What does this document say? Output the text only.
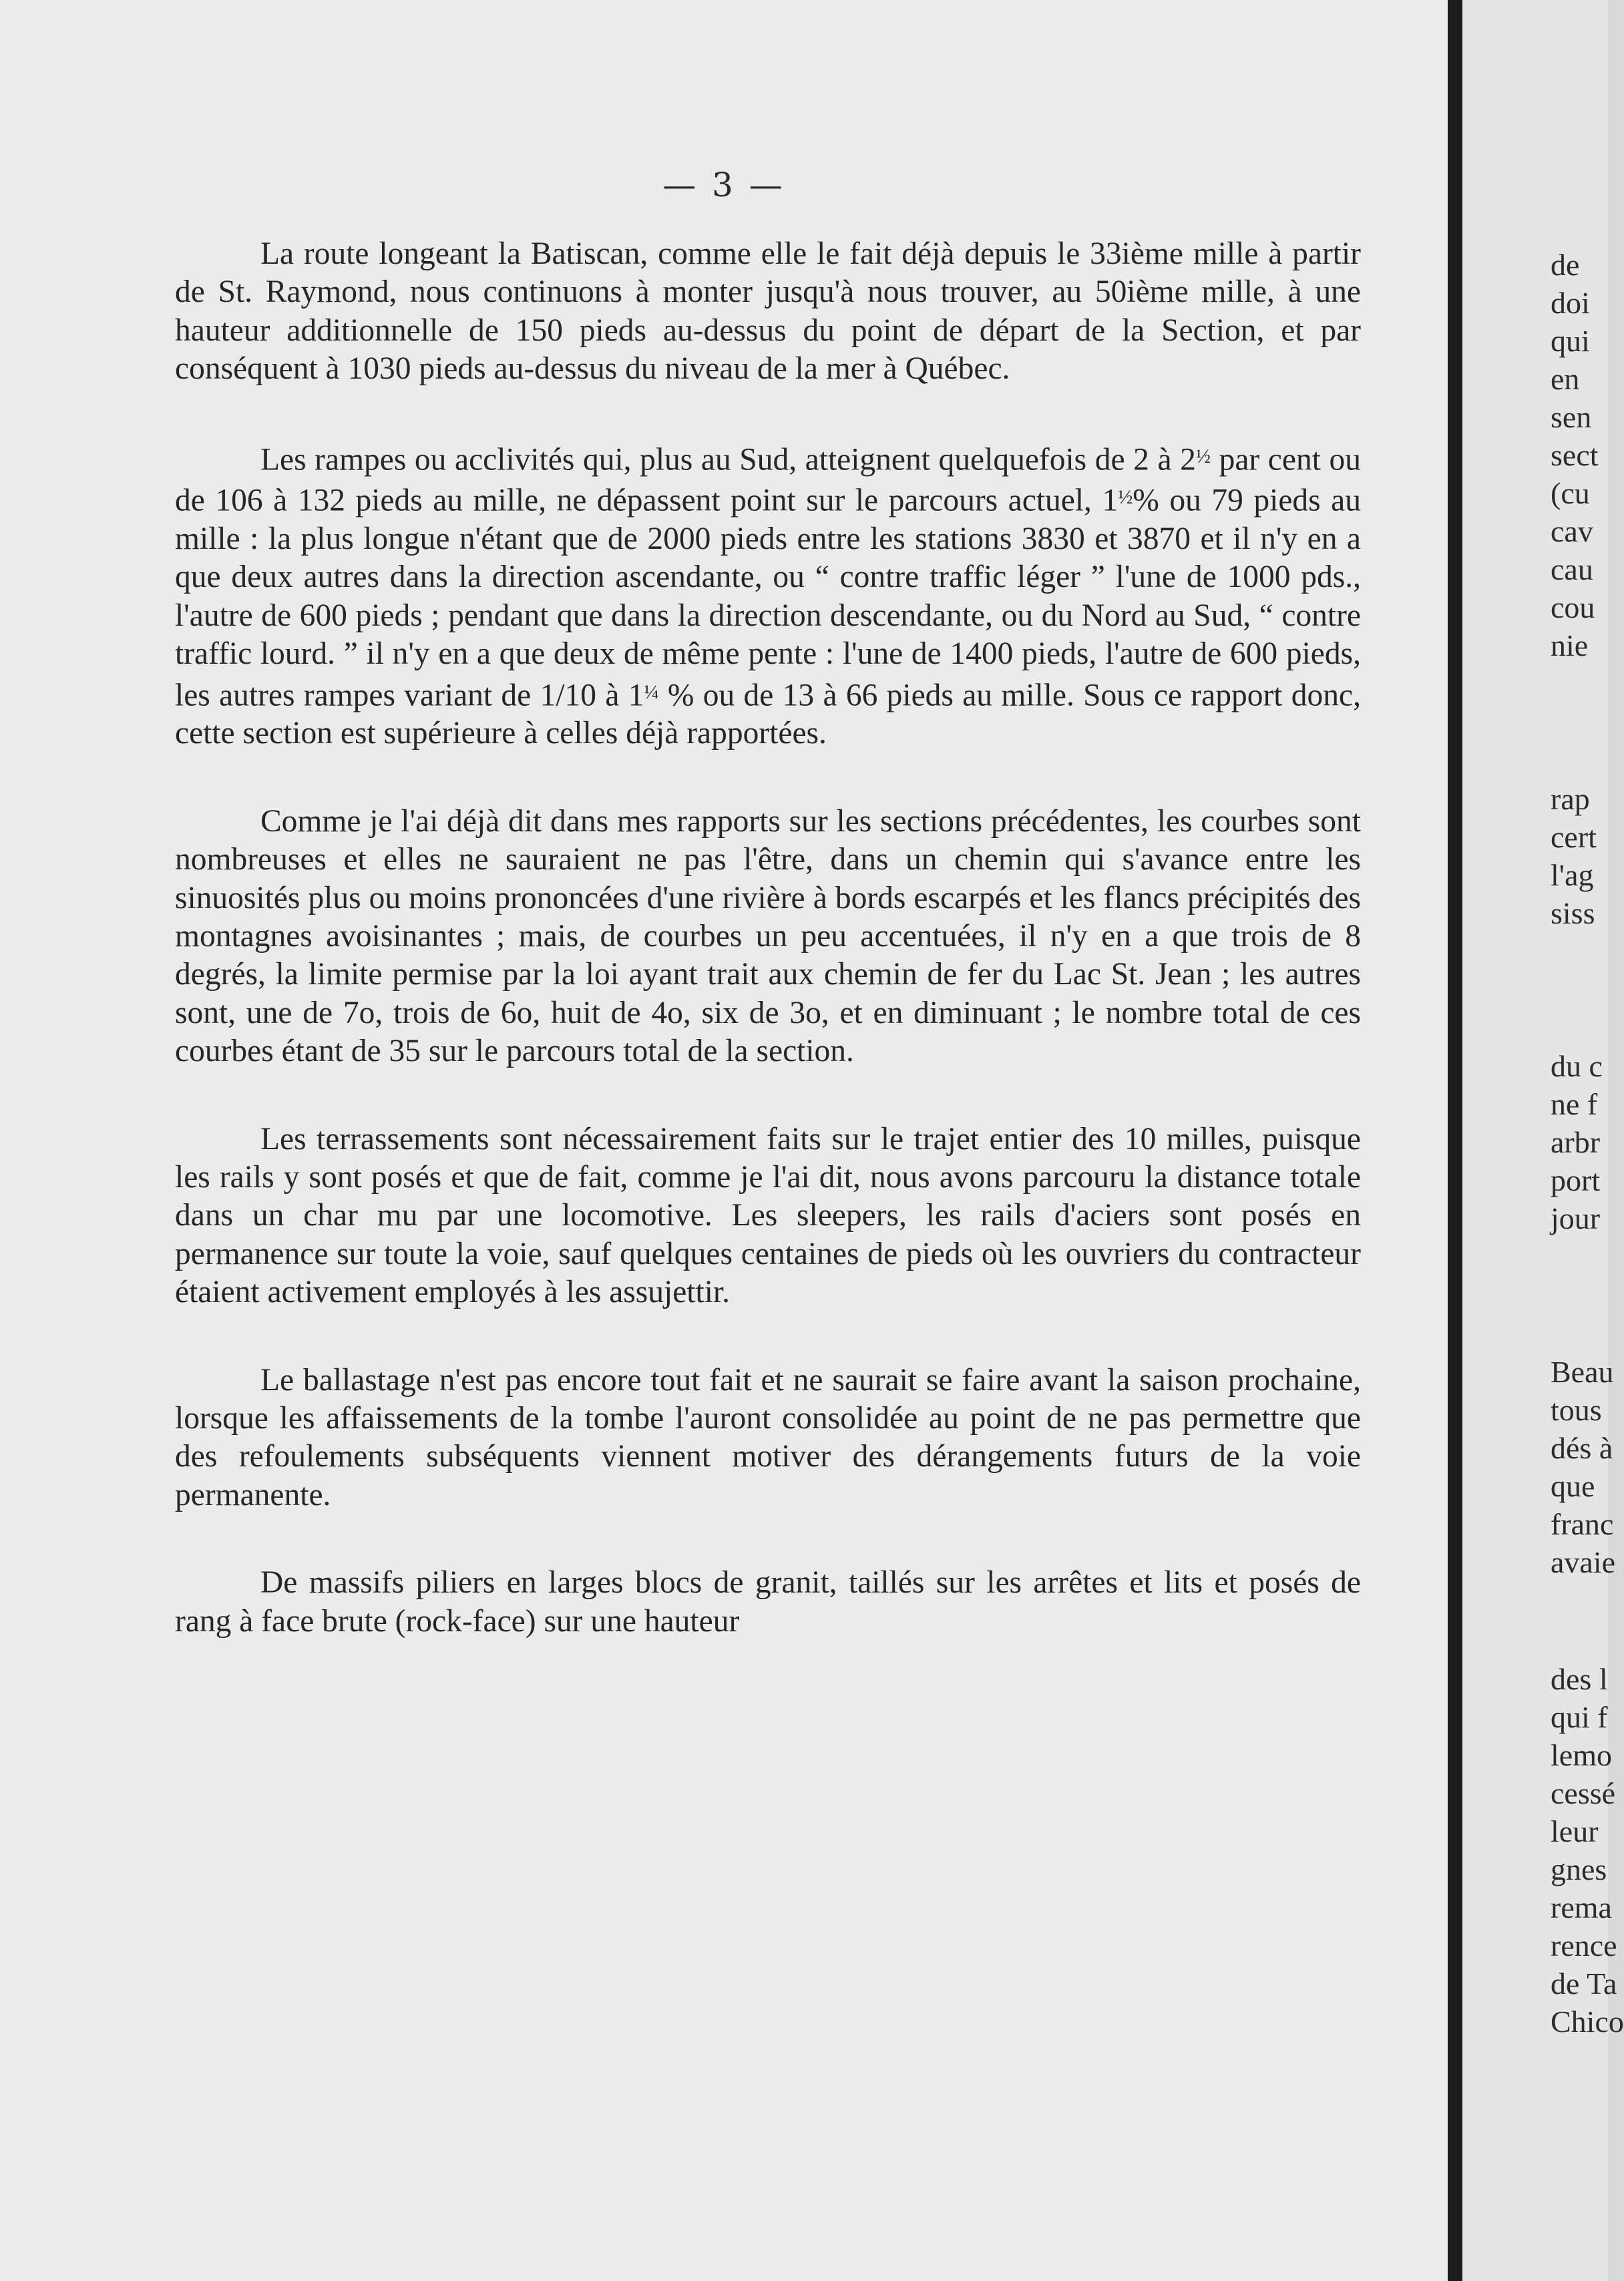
— 3 —

La route longeant la Batiscan, comme elle le fait déjà depuis le 33ième mille à partir de St. Raymond, nous continuons à monter jusqu'à nous trouver, au 50ième mille, à une hauteur additionnelle de 150 pieds au-dessus du point de départ de la Section, et par conséquent à 1030 pieds au-dessus du niveau de la mer à Québec.

Les rampes ou acclivités qui, plus au Sud, atteignent quelquefois de 2 à $2^{\frac{1}{2}}$ par cent ou de 106 à 132 pieds au mille, ne dépassent point sur le parcours actuel, $1^{\frac{1}{2}}\%$ ou 79 pieds au mille : la plus longue n'étant que de 2000 pieds entre les stations 3830 et 3870 et il n'y en a que deux autres dans la direction ascendante, ou “ contre traffic léger ” l'une de 1000 pds., l'autre de 600 pieds ; pendant que dans la direction descendante, ou du Nord au Sud, “ contre traffic lourd. ” il n'y en a que deux de même pente : l'une de 1400 pieds, l'autre de 600 pieds, les autres rampes variant de 1/10 à $1^{\frac{1}{4}}$ % ou de 13 à 66 pieds au mille. Sous ce rapport donc, cette section est supérieure à celles déjà rapportées.

Comme je l'ai déjà dit dans mes rapports sur les sections précédentes, les courbes sont nombreuses et elles ne sauraient ne pas l'être, dans un chemin qui s'avance entre les sinuosités plus ou moins prononcées d'une rivière à bords escarpés et les flancs précipités des montagnes avoisinantes ; mais, de courbes un peu accentuées, il n'y en a que trois de 8 degrés, la limite permise par la loi ayant trait aux chemin de fer du Lac St. Jean ; les autres sont, une de 7o, trois de 6o, huit de 4o, six de 3o, et en diminuant ; le nombre total de ces courbes étant de 35 sur le parcours total de la section.

Les terrassements sont nécessairement faits sur le trajet entier des 10 milles, puisque les rails y sont posés et que de fait, comme je l'ai dit, nous avons parcouru la distance totale dans un char mu par une locomotive. Les sleepers, les rails d'aciers sont posés en permanence sur toute la voie, sauf quelques centaines de pieds où les ouvriers du contracteur étaient activement employés à les assujettir.

Le ballastage n'est pas encore tout fait et ne saurait se faire avant la saison prochaine, lorsque les affaissements de la tombe l'auront consolidée au point de ne pas permettre que des refoulements subséquents viennent motiver des dérangements futurs de la voie permanente.

De massifs piliers en larges blocs de granit, taillés sur les arrêtes et lits et posés de rang à face brute (rock-face) sur une hauteur

de
doi
qui
en
sen
sect
(cu
cav
cau
cou
nie
rap
cert
l'ag
siss
du c
ne f
arbr
port
jour
Beau
tous
dés à
que
franc
avaie
des l
qui f
lemo
cessé
leur
gnes
rema
rence
de Ta
Chico
